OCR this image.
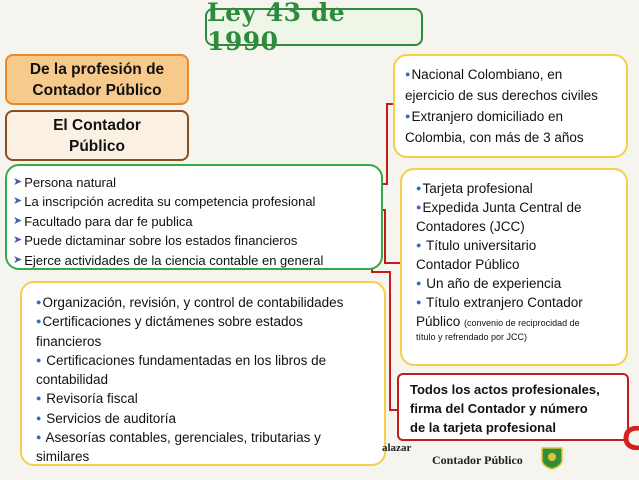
Ley 43 de 1990
De la profesión de
Contador Público
El Contador
Público
➤ Persona natural
➤ La inscripción acredita su competencia profesional
➤ Facultado para dar fe publica
➤ Puede dictaminar sobre los estados financieros
➤ Ejerce actividades de la ciencia contable en general
●Nacional Colombiano, en
ejercicio de sus derechos civiles
●Extranjero domiciliado en
Colombia, con más de 3 años
●Tarjeta profesional
●Expedida Junta Central de
Contadores (JCC)
● Título universitario
Contador Público
● Un año de experiencia
● Título extranjero Contador
Público (convenio de reciprocidad de
título y refrendado por JCC)
●Organización, revisión, y control de contabilidades
●Certificaciones y dictámenes sobre estados
financieros
● Certificaciones fundamentadas en los libros de
contabilidad
● Revisoría fiscal
● Servicios de auditoría
● Asesorías contables, gerenciales, tributarias y
similares
Todos los actos profesionales,
firma del Contador y número
de la tarjeta profesional
alazar
Contador Público
